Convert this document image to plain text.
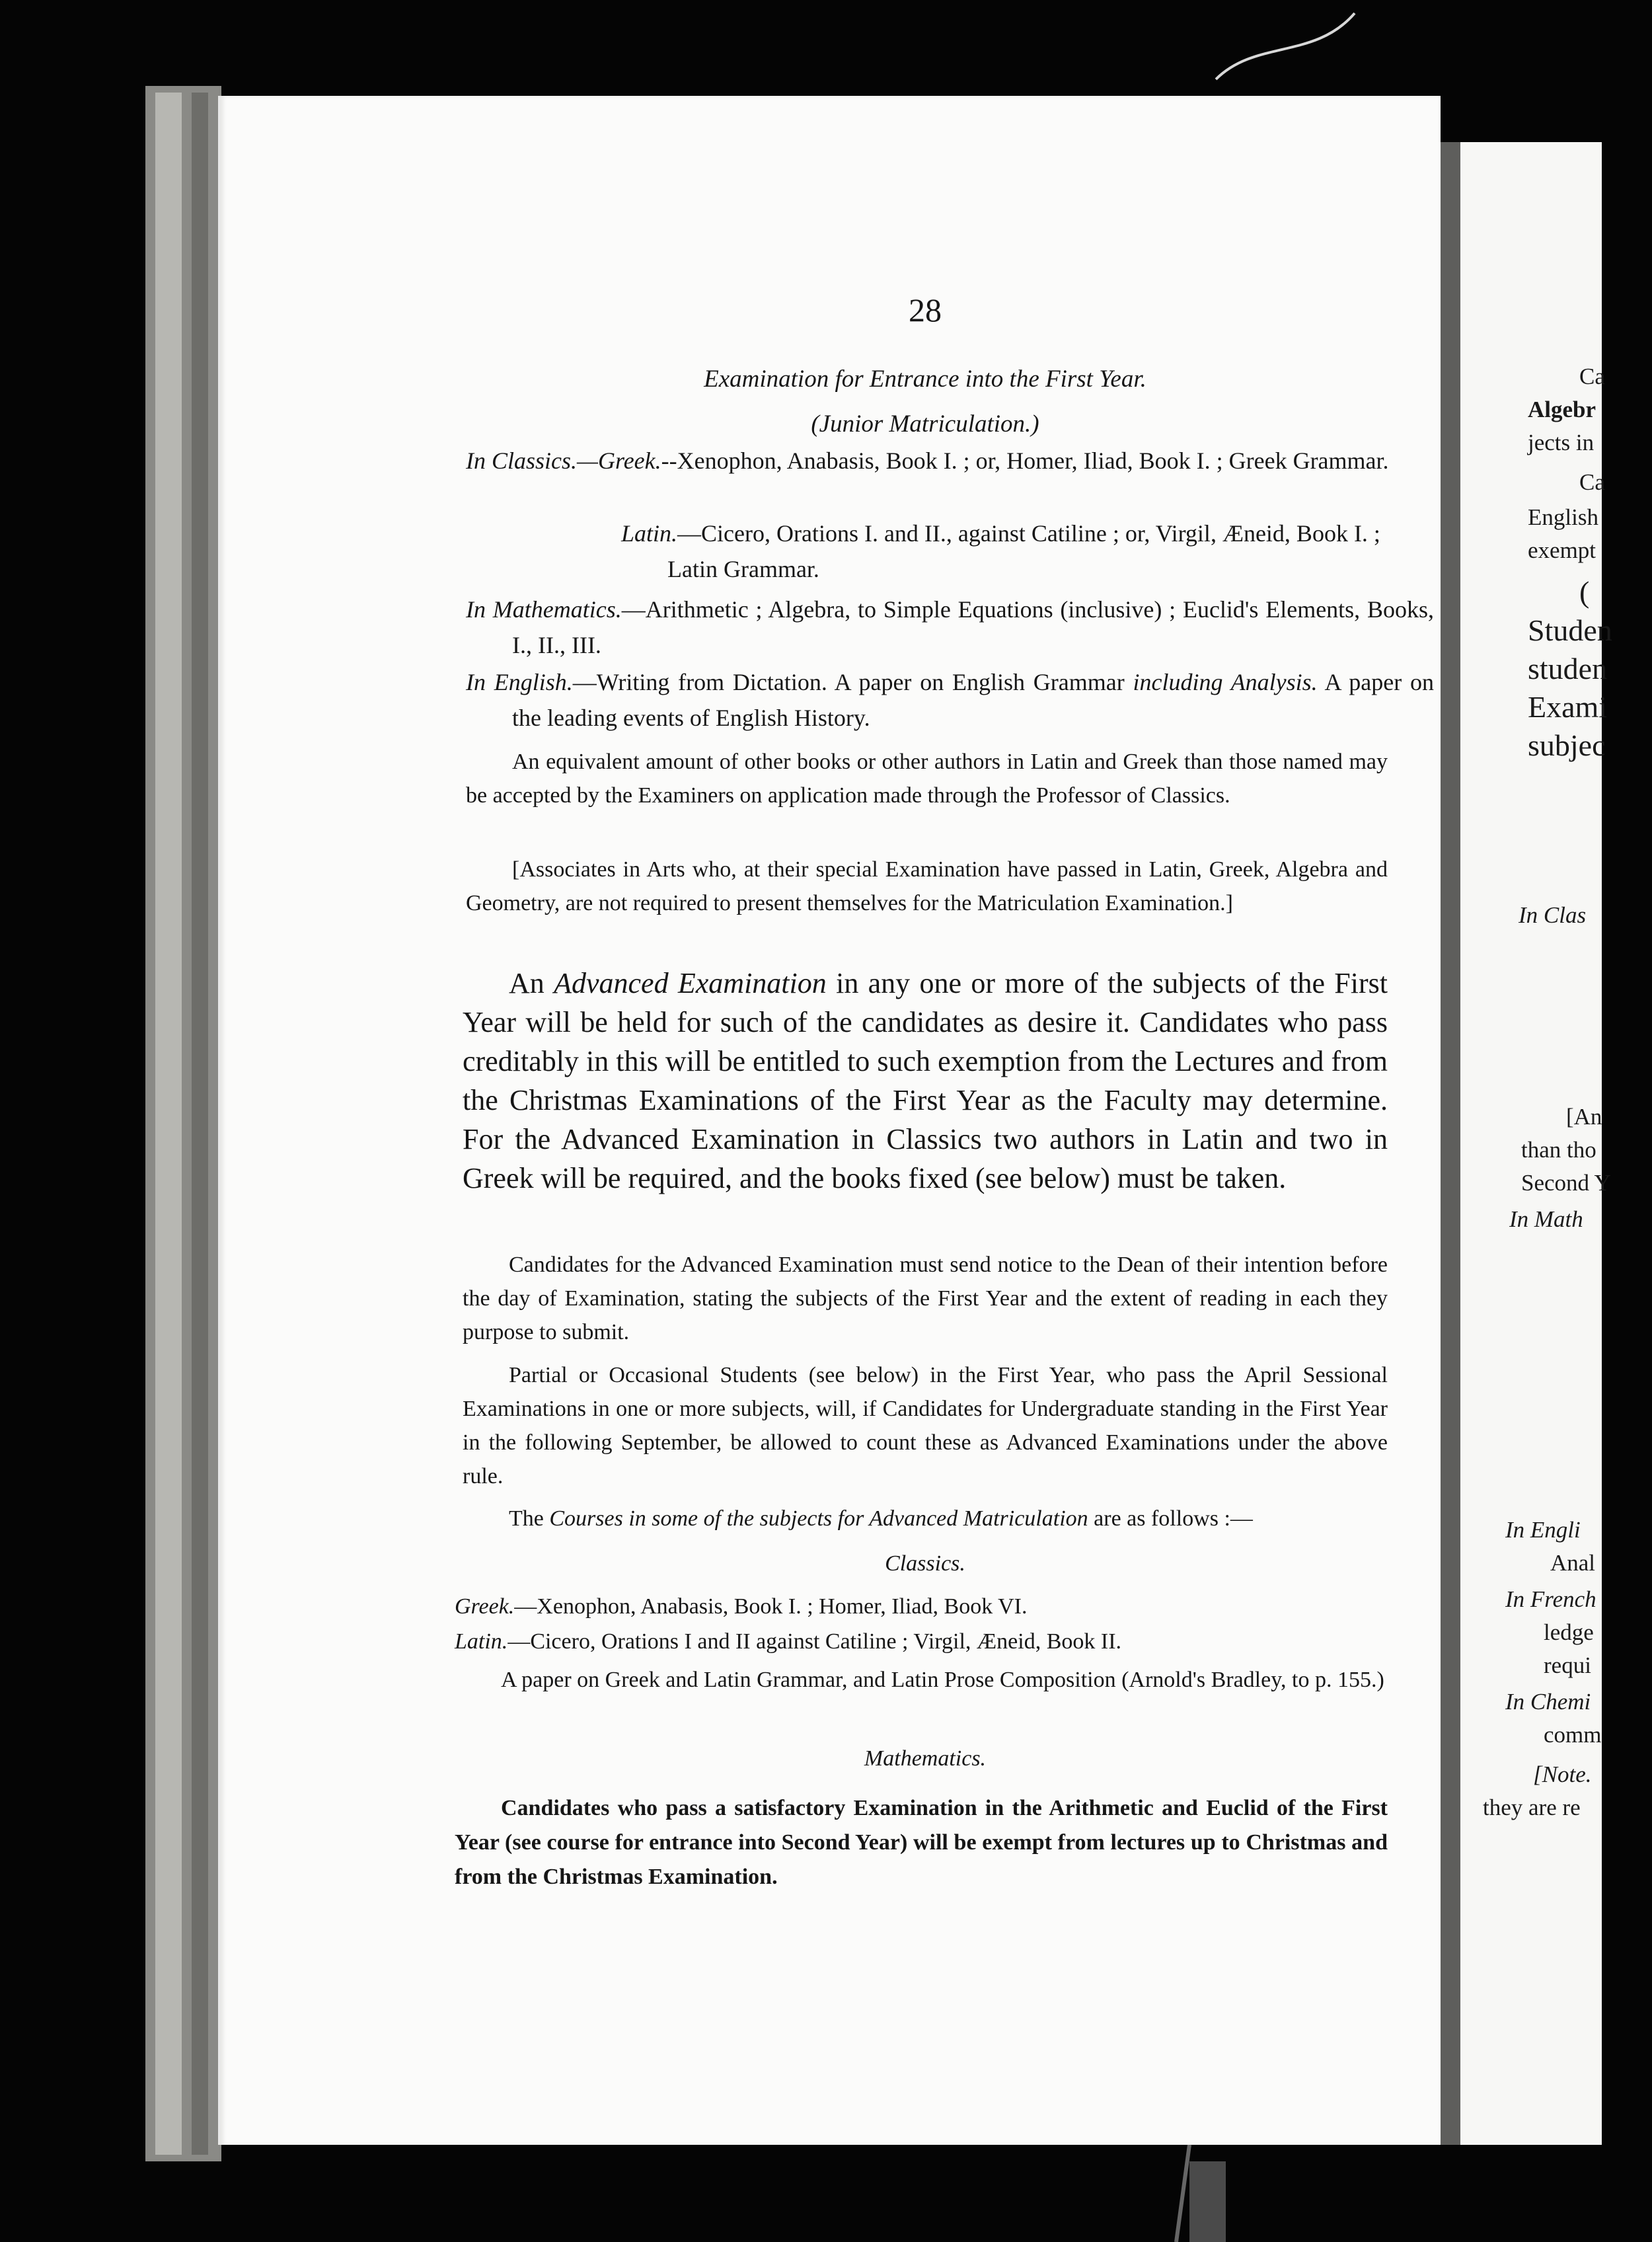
Ca
Algebr
jects in
Ca
English
exempt
(
Studen
studen
Exami
subjec
In Clas
[An
than tho
Second Y
In Math
In Engli
Anal
In French
ledge
requi
In Chemi
comm
[Note.
they are re
28
Examination for Entrance into the First Year.
(Junior Matriculation.)
In Classics.—Greek.--Xenophon, Anabasis, Book I. ; or, Homer, Iliad, Book I. ; Greek Grammar.
Latin.—Cicero, Orations I. and II., against Catiline ; or, Virgil, Æneid, Book I. ; Latin Grammar.
In Mathematics.—Arithmetic ; Algebra, to Simple Equations (inclusive) ; Euclid's Elements, Books, I., II., III.
In English.—Writing from Dictation. A paper on English Grammar including Analysis. A paper on the leading events of English History.
An equivalent amount of other books or other authors in Latin and Greek than those named may be accepted by the Examiners on application made through the Professor of Classics.
[Associates in Arts who, at their special Examination have passed in Latin, Greek, Algebra and Geometry, are not required to present themselves for the Matriculation Examination.]
An Advanced Examination in any one or more of the subjects of the First Year will be held for such of the candidates as desire it. Candidates who pass creditably in this will be entitled to such exemption from the Lectures and from the Christmas Examinations of the First Year as the Faculty may determine. For the Advanced Examination in Classics two authors in Latin and two in Greek will be required, and the books fixed (see below) must be taken.
Candidates for the Advanced Examination must send notice to the Dean of their intention before the day of Examination, stating the subjects of the First Year and the extent of reading in each they purpose to submit.
Partial or Occasional Students (see below) in the First Year, who pass the April Sessional Examinations in one or more subjects, will, if Candidates for Undergraduate standing in the First Year in the following September, be allowed to count these as Advanced Examinations under the above rule.
The Courses in some of the subjects for Advanced Matriculation are as follows :—
Classics.
Greek.—Xenophon, Anabasis, Book I. ; Homer, Iliad, Book VI.
Latin.—Cicero, Orations I and II against Catiline ; Virgil, Æneid, Book II.
A paper on Greek and Latin Grammar, and Latin Prose Composition (Arnold's Bradley, to p. 155.)
Mathematics.
Candidates who pass a satisfactory Examination in the Arithmetic and Euclid of the First Year (see course for entrance into Second Year) will be exempt from lectures up to Christmas and from the Christmas Examination.
